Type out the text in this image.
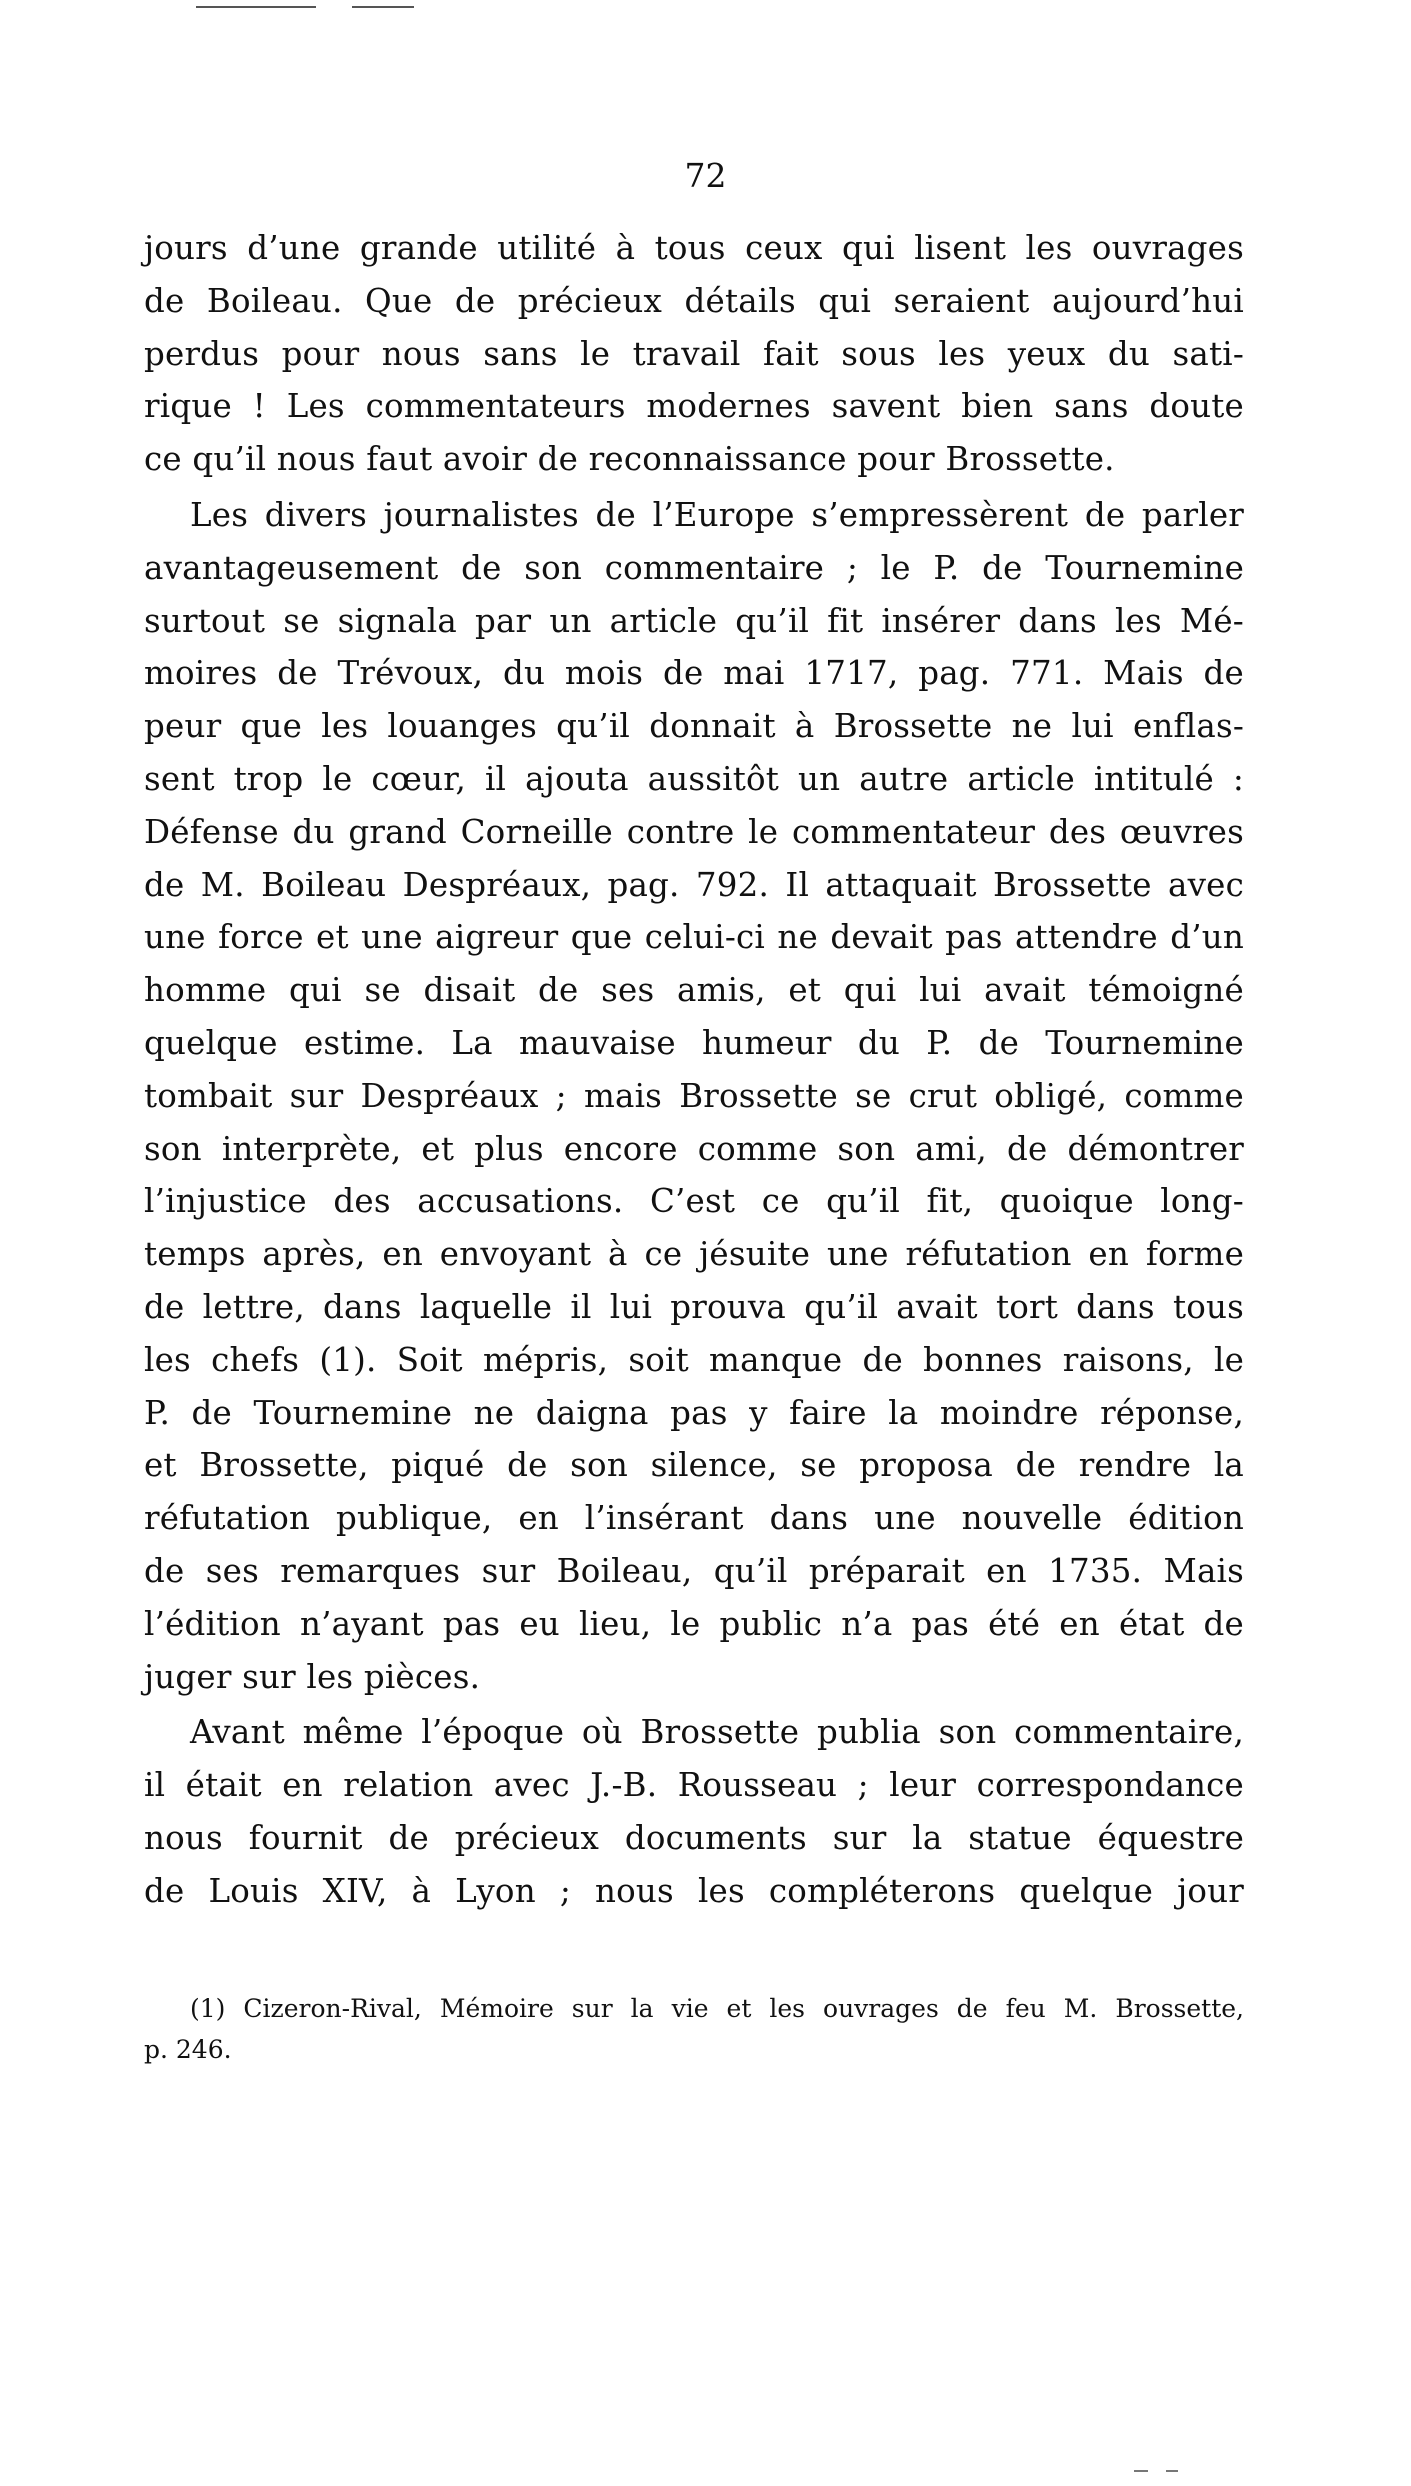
72
jours d’une grande utilité à tous ceux qui lisent les ouvrages
de Boileau. Que de précieux détails qui seraient aujourd’hui
perdus pour nous sans le travail fait sous les yeux du sati-
rique ! Les commentateurs modernes savent bien sans doute
ce qu’il nous faut avoir de reconnaissance pour Brossette.
Les divers journalistes de l’Europe s’empressèrent de parler
avantageusement de son commentaire ; le P. de Tournemine
surtout se signala par un article qu’il fit insérer dans les Mé-
moires de Trévoux, du mois de mai 1717, pag. 771. Mais de
peur que les louanges qu’il donnait à Brossette ne lui enflas-
sent trop le cœur, il ajouta aussitôt un autre article intitulé :
Défense du grand Corneille contre le commentateur des œuvres
de M. Boileau Despréaux, pag. 792. Il attaquait Brossette avec
une force et une aigreur que celui-ci ne devait pas attendre d’un
homme qui se disait de ses amis, et qui lui avait témoigné
quelque estime. La mauvaise humeur du P. de Tournemine
tombait sur Despréaux ; mais Brossette se crut obligé, comme
son interprète, et plus encore comme son ami, de démontrer
l’injustice des accusations. C’est ce qu’il fit, quoique long-
temps après, en envoyant à ce jésuite une réfutation en forme
de lettre, dans laquelle il lui prouva qu’il avait tort dans tous
les chefs (1). Soit mépris, soit manque de bonnes raisons, le
P. de Tournemine ne daigna pas y faire la moindre réponse,
et Brossette, piqué de son silence, se proposa de rendre la
réfutation publique, en l’insérant dans une nouvelle édition
de ses remarques sur Boileau, qu’il préparait en 1735. Mais
l’édition n’ayant pas eu lieu, le public n’a pas été en état de
juger sur les pièces.
Avant même l’époque où Brossette publia son commentaire,
il était en relation avec J.-B. Rousseau ; leur correspondance
nous fournit de précieux documents sur la statue équestre
de Louis XIV, à Lyon ; nous les compléterons quelque jour
(1) Cizeron-Rival, Mémoire sur la vie et les ouvrages de feu M. Brossette,
p. 246.
